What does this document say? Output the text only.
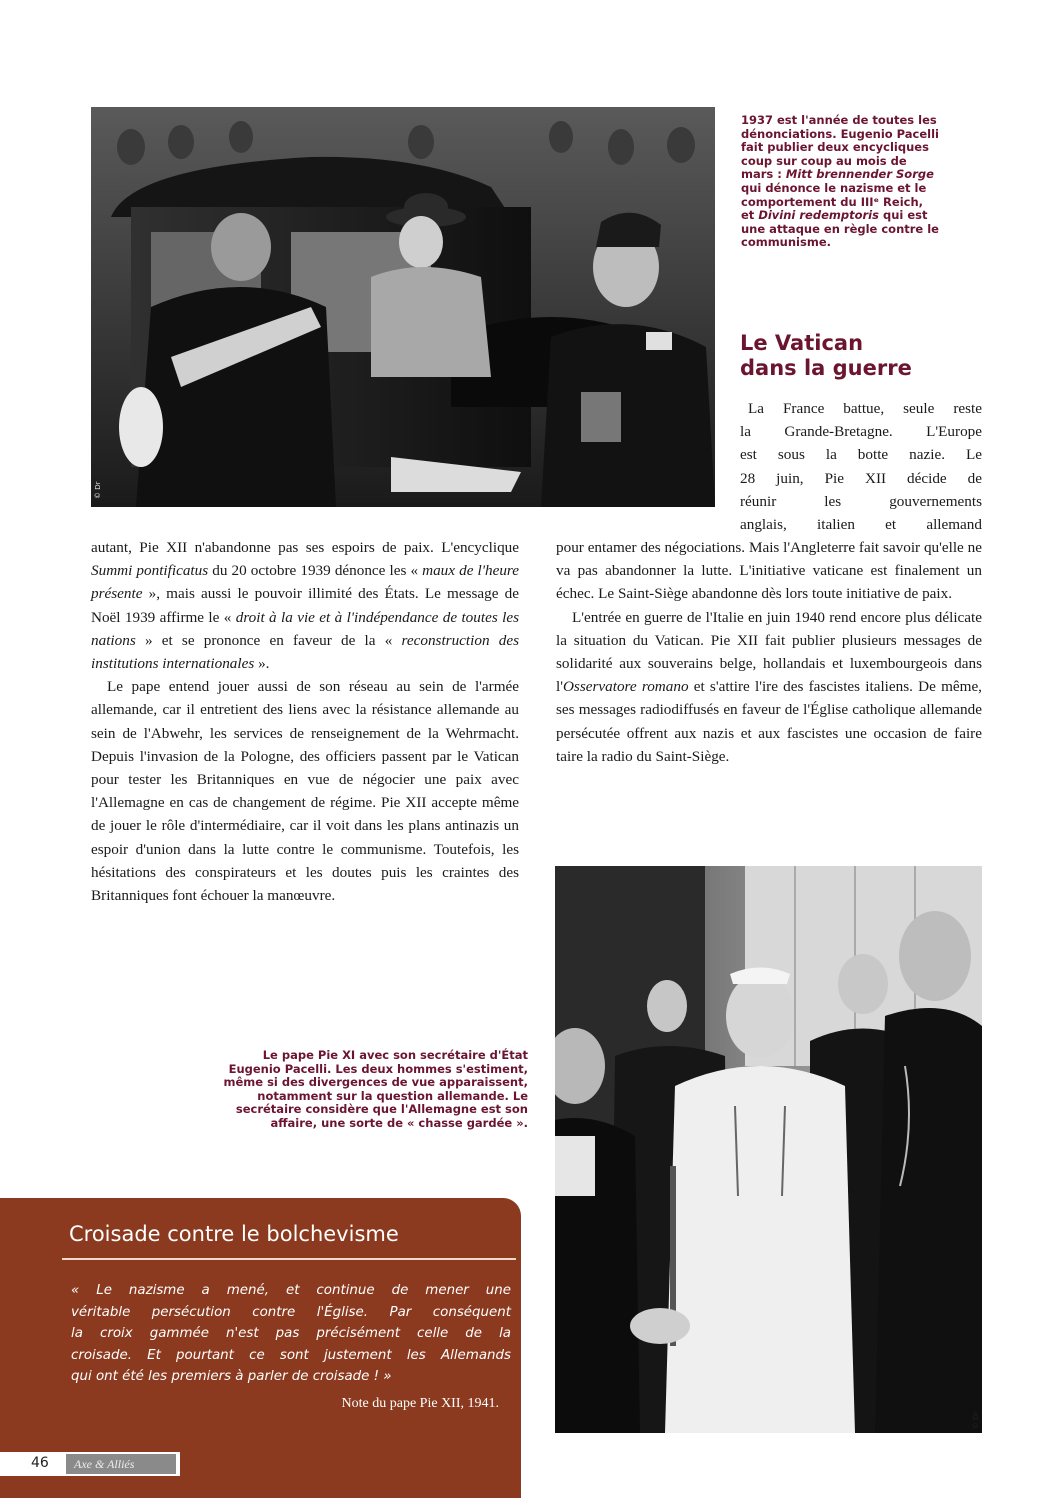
© Dr
1937 est l'année de toutes les
dénonciations. Eugenio Pacelli
fait publier deux encycliques
coup sur coup au mois de
mars : Mitt brennender Sorge
qui dénonce le nazisme et le
comportement du IIIᵉ Reich,
et Divini redemptoris qui est
une attaque en règle contre le
communisme.
Le Vatican
dans la guerre
La France battue, seule reste
la Grande-Bretagne. L'Europe
est sous la botte nazie. Le
28 juin, Pie XII décide de
réunir les gouvernements
anglais, italien et allemand

pour entamer des négociations. Mais l'Angleterre fait savoir qu'elle ne va pas abandonner la lutte. L'initiative vaticane est finalement un échec. Le Saint-Siège abandonne dès lors toute initiative de paix.

L'entrée en guerre de l'Italie en juin 1940 rend encore plus délicate la situation du Vatican. Pie XII fait publier plusieurs messages de solidarité aux souverains belge, hollandais et luxembourgeois dans l'Osservatore romano et s'attire l'ire des fascistes italiens. De même, ses messages radiodiffusés en faveur de l'Église catholique allemande persécutée offrent aux nazis et aux fascistes une occasion de faire taire la radio du Saint-Siège.

autant, Pie XII n'abandonne pas ses espoirs de paix. L'encyclique Summi pontificatus du 20 octobre 1939 dénonce les « maux de l'heure présente », mais aussi le pouvoir illimité des États. Le message de Noël 1939 affirme le « droit à la vie et à l'indépendance de toutes les nations » et se prononce en faveur de la « reconstruction des institutions internationales ».

Le pape entend jouer aussi de son réseau au sein de l'armée allemande, car il entretient des liens avec la résistance allemande au sein de l'Abwehr, les services de renseignement de la Wehrmacht. Depuis l'invasion de la Pologne, des officiers passent par le Vatican pour tester les Britanniques en vue de négocier une paix avec l'Allemagne en cas de changement de régime. Pie XII accepte même de jouer le rôle d'intermédiaire, car il voit dans les plans antinazis un espoir d'union dans la lutte contre le communisme. Toutefois, les hésitations des conspirateurs et les doutes puis les craintes des Britanniques font échouer la manœuvre.

Le pape Pie XI avec son secrétaire d'État
Eugenio Pacelli. Les deux hommes s'estiment,
même si des divergences de vue apparaissent,
notamment sur la question allemande. Le
secrétaire considère que l'Allemagne est son
affaire, une sorte de « chasse gardée ».
© Dr
Croisade contre le bolchevisme
« Le nazisme a mené, et continue de mener une
véritable persécution contre l'Église. Par conséquent
la croix gammée n'est pas précisément celle de la
croisade. Et pourtant ce sont justement les Allemands
qui ont été les premiers à parler de croisade ! »
Note du pape Pie XII, 1941.
46	Axe & Alliés
